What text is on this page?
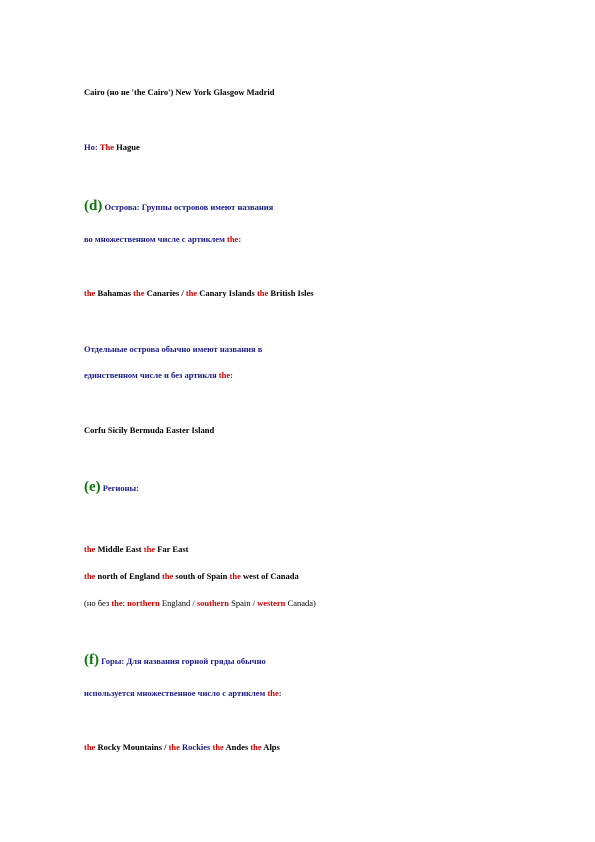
Cairo (но не 'the Cairo') New York Glasgow Madrid
Но: The Hague
(d) Острова: Группы островов имеют названия
во множественном числе с артиклем the:
the Bahamas the Canaries / the Canary Islands the British Isles
Отдельные острова обычно имеют названия в
единственном числе и без артикля the:
Corfu Sicily Bermuda Easter Island
(e) Регионы:
the Middle East the Far East
the north of England the south of Spain the west of Canada
(но без the: northern England / southern Spain / western Canada)
(f) Горы: Для названия горной гряды обычно
используется множественное число с артиклем the:
the Rocky Mountains / the Rockies the Andes the Alps
